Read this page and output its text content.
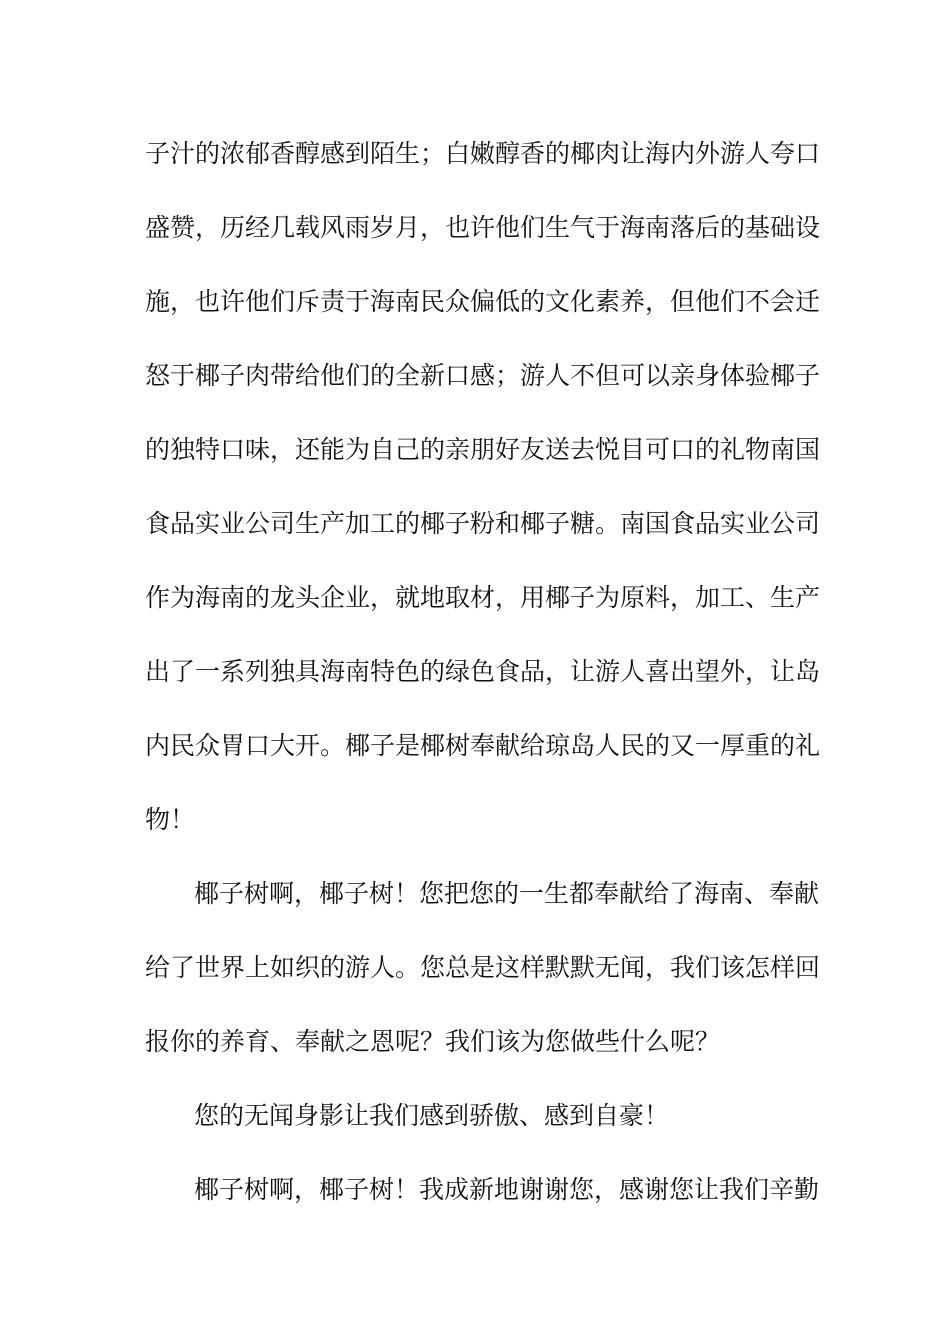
子汁的浓郁香醇感到陌生；白嫩醇香的椰肉让海内外游人夸口
盛赞，历经几载风雨岁月，也许他们生气于海南落后的基础设
施，也许他们斥责于海南民众偏低的文化素养，但他们不会迁
怒于椰子肉带给他们的全新口感；游人不但可以亲身体验椰子
的独特口味，还能为自己的亲朋好友送去悦目可口的礼物南国
食品实业公司生产加工的椰子粉和椰子糖。南国食品实业公司
作为海南的龙头企业，就地取材，用椰子为原料，加工、生产
出了一系列独具海南特色的绿色食品，让游人喜出望外，让岛
内民众胃口大开。椰子是椰树奉献给琼岛人民的又一厚重的礼
物！
椰子树啊，椰子树！您把您的一生都奉献给了海南、奉献
给了世界上如织的游人。您总是这样默默无闻，我们该怎样回
报你的养育、奉献之恩呢？我们该为您做些什么呢？
您的无闻身影让我们感到骄傲、感到自豪！
椰子树啊，椰子树！我成新地谢谢您，感谢您让我们辛勤
